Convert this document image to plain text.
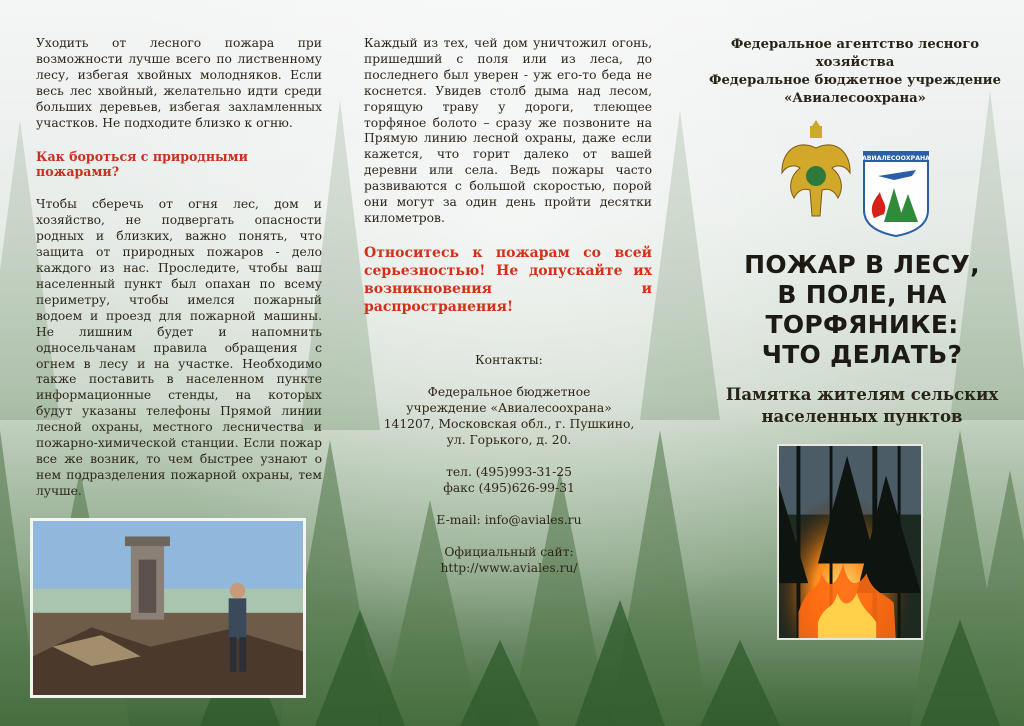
Уходить от лесного пожара при возможности лучше всего по лиственному лесу, избегая хвойных молодняков. Если весь лес хвойный, желательно идти среди больших деревьев, избегая захламленных участков. Не подходите близко к огню.

Как бороться с природными пожарами?

Чтобы сберечь от огня лес, дом и хозяйство, не подвергать опасности родных и близких, важно понять, что защита от природных пожаров - дело каждого из нас. Проследите, чтобы ваш населенный пункт был опахан по всему периметру, чтобы имелся пожарный водоем и проезд для пожарной машины. Не лишним будет и напомнить односельчанам правила обращения с огнем в лесу и на участке. Необходимо также поставить в населенном пункте информационные стенды, на которых будут указаны телефоны Прямой линии лесной охраны, местного лесничества и пожарно-химической станции. Если пожар все же возник, то чем быстрее узнают о нем подразделения пожарной охраны, тем лучше.

Каждый из тех, чей дом уничтожил огонь, пришедший с поля или из леса, до последнего был уверен - уж его-то беда не коснется. Увидев столб дыма над лесом, горящую траву у дороги, тлеющее торфяное болото – сразу же позвоните на Прямую линию лесной охраны, даже если кажется, что горит далеко от вашей деревни или села. Ведь пожары часто развиваются с большой скоростью, порой они могут за один день пройти десятки километров.

Относитесь к пожарам со всей серьезностью! Не допускайте их возникновения и распространения!

Контакты:
Федеральное бюджетное
учреждение «Авиалесоохрана»
141207, Московская обл., г. Пушкино,
ул. Горького, д. 20.
тел. (495)993-31-25
факс (495)626-99-31
E-mail: info@aviales.ru
Официальный сайт:
http://www.aviales.ru/
Федеральное агентство лесного
хозяйства
Федеральное бюджетное учреждение
«Авиалесоохрана»
АВИАЛЕСООХРАНА
ПОЖАР В ЛЕСУ,
В ПОЛЕ, НА
ТОРФЯНИКЕ:
ЧТО ДЕЛАТЬ?
Памятка жителям сельских
населенных пунктов
